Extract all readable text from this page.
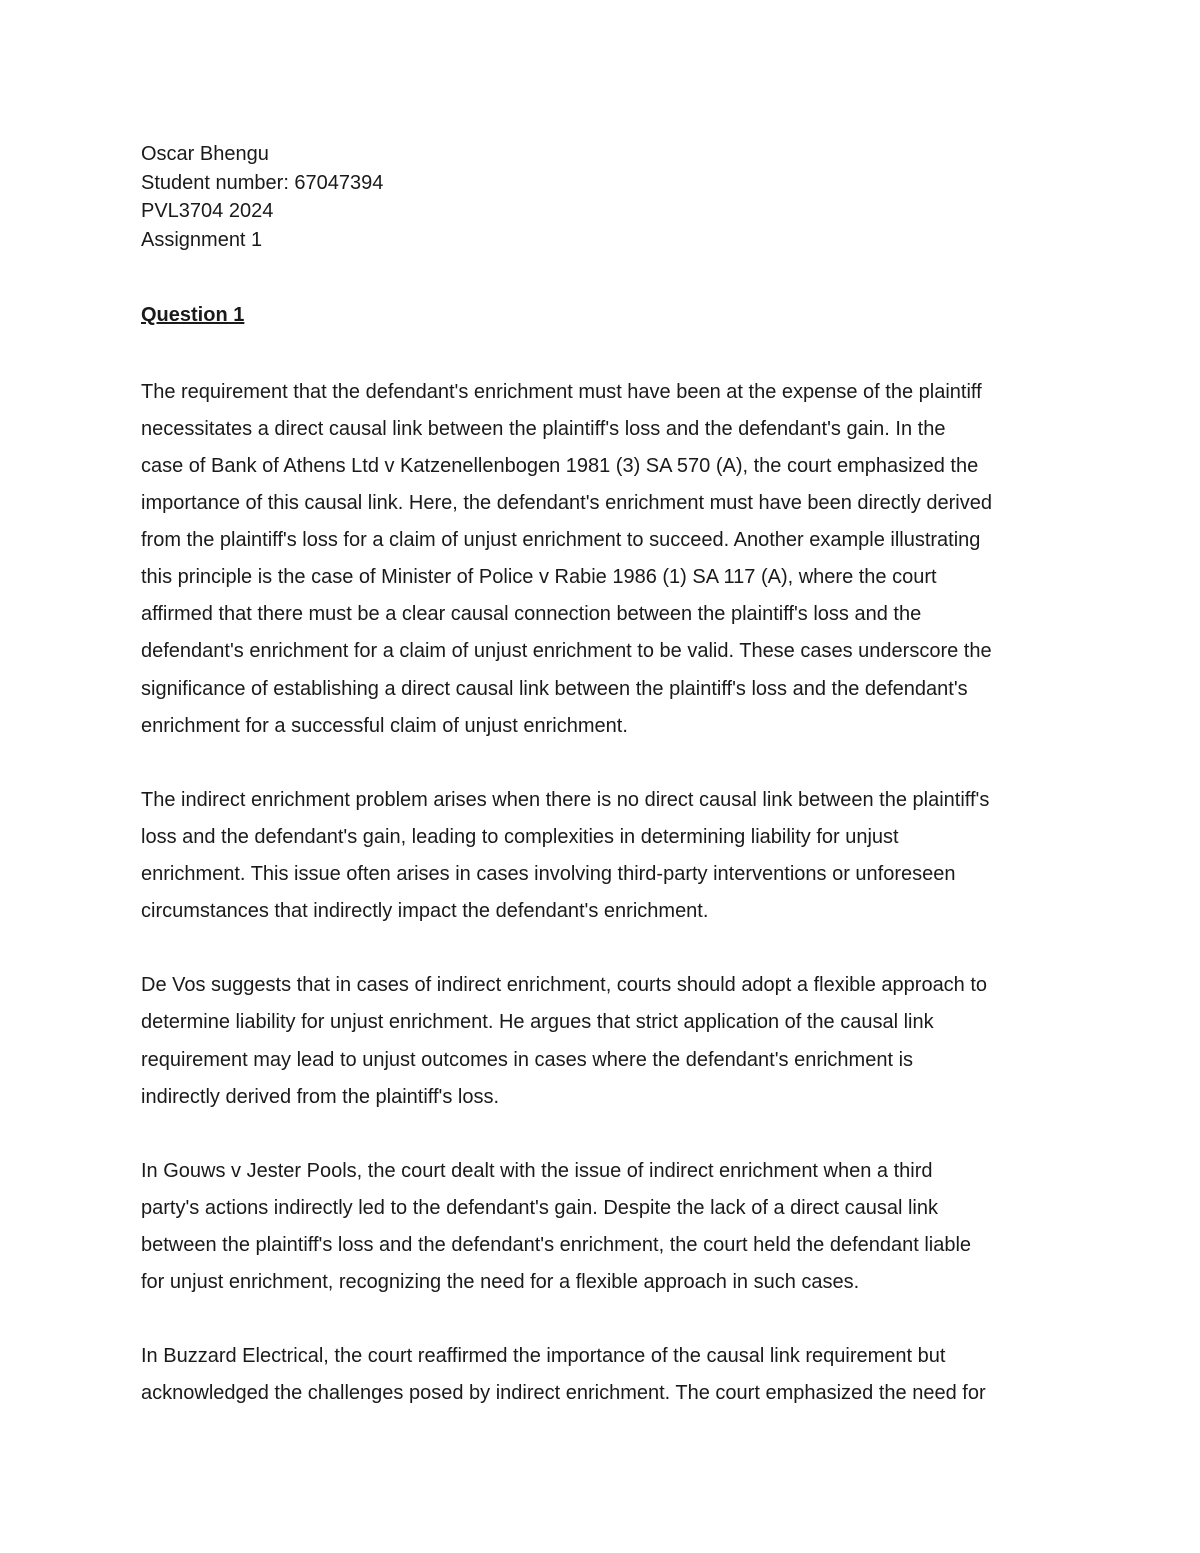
Oscar Bhengu
Student number: 67047394
PVL3704 2024
Assignment 1
Question 1
The requirement that the defendant's enrichment must have been at the expense of the plaintiff
necessitates a direct causal link between the plaintiff's loss and the defendant's gain. In the
case of Bank of Athens Ltd v Katzenellenbogen 1981 (3) SA 570 (A), the court emphasized the
importance of this causal link. Here, the defendant's enrichment must have been directly derived
from the plaintiff's loss for a claim of unjust enrichment to succeed. Another example illustrating
this principle is the case of Minister of Police v Rabie 1986 (1) SA 117 (A), where the court
affirmed that there must be a clear causal connection between the plaintiff's loss and the
defendant's enrichment for a claim of unjust enrichment to be valid. These cases underscore the
significance of establishing a direct causal link between the plaintiff's loss and the defendant's
enrichment for a successful claim of unjust enrichment.
The indirect enrichment problem arises when there is no direct causal link between the plaintiff's
loss and the defendant's gain, leading to complexities in determining liability for unjust
enrichment. This issue often arises in cases involving third-party interventions or unforeseen
circumstances that indirectly impact the defendant's enrichment.
De Vos suggests that in cases of indirect enrichment, courts should adopt a flexible approach to
determine liability for unjust enrichment. He argues that strict application of the causal link
requirement may lead to unjust outcomes in cases where the defendant's enrichment is
indirectly derived from the plaintiff's loss.
In Gouws v Jester Pools, the court dealt with the issue of indirect enrichment when a third
party's actions indirectly led to the defendant's gain. Despite the lack of a direct causal link
between the plaintiff's loss and the defendant's enrichment, the court held the defendant liable
for unjust enrichment, recognizing the need for a flexible approach in such cases.
In Buzzard Electrical, the court reaffirmed the importance of the causal link requirement but
acknowledged the challenges posed by indirect enrichment. The court emphasized the need for
